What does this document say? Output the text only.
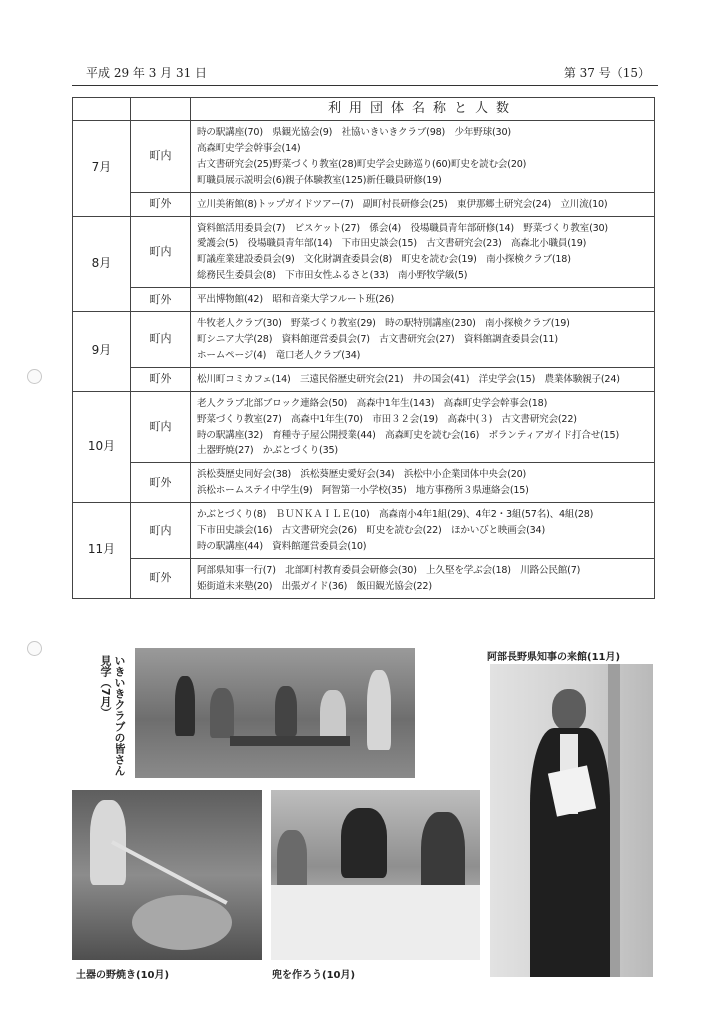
平成 29 年 3 月 31 日	第 37 号（15）
		利用団体名称と人数
7月	町内	時の駅講座(70)　県観光協会(9)　社協いきいきクラブ(98)　少年野球(30)
高森町史学会幹事会(14)
古文書研究会(25)野菜づくり教室(28)町史学会史跡巡り(60)町史を読む会(20)
町職員展示説明会(6)親子体験教室(125)新任職員研修(19)

	町外	立川美術館(8)トップガイドツアー(7)　副町村長研修会(25)　東伊那郷土研究会(24)　立川流(10)

8月	町内	資料館活用委員会(7)　ビスケット(27)　係会(4)　役場職員青年部研修(14)　野菜づくり教室(30)
愛護会(5)　役場職員青年部(14)　下市田史談会(15)　古文書研究会(23)　高森北小職員(19)
町議産業建設委員会(9)　文化財調査委員会(8)　町史を読む会(19)　南小探検クラブ(18)
総務民生委員会(8)　下市田女性ふるさと(33)　南小野牧学級(5)

	町外	平出博物館(42)　昭和音楽大学フルート班(26)

9月	町内	牛牧老人クラブ(30)　野菜づくり教室(29)　時の駅特別講座(230)　南小探検クラブ(19)
町シニア大学(28)　資料館運営委員会(7)　古文書研究会(27)　資料館調査委員会(11)
ホームページ(4)　竜口老人クラブ(34)

	町外	松川町コミカフェ(14)　三遠民俗歴史研究会(21)　井の国会(41)　洋史学会(15)　農業体験親子(24)

10月	町内	老人クラブ北部ブロック連絡会(50)　高森中1年生(143)　高森町史学会幹事会(18)
野菜づくり教室(27)　高森中1年生(70)　市田３２会(19)　高森中(３)　古文書研究会(22)
時の駅講座(32)　育種寺子屋公開授業(44)　高森町史を読む会(16)　ボランティアガイド打合せ(15)
土器野焼(27)　かぶとづくり(35)

	町外	浜松葵歴史同好会(38)　浜松葵歴史愛好会(34)　浜松中小企業団体中央会(20)
浜松ホームステイ中学生(9)　阿智第一小学校(35)　地方事務所３県連絡会(15)

11月	町内	かぶとづくり(8)　ＢＵＮＫＡＩＬＥ(10)　高森南小4年1組(29)、4年2・3組(57名)、4組(28)
下市田史談会(16)　古文書研究会(26)　町史を読む会(22)　ほかいびと映画会(34)
時の駅講座(44)　資料館運営委員会(10)

	町外	阿部県知事一行(7)　北部町村教育委員会研修会(30)　上久堅を学ぶ会(18)　川路公民館(7)
姫街道未来塾(20)　出張ガイド(36)　飯田観光協会(22)
いきいきクラブの皆さん見学（7月）	阿部長野県知事の来館(11月)
土器の野焼き(10月)	兜を作ろう(10月)
